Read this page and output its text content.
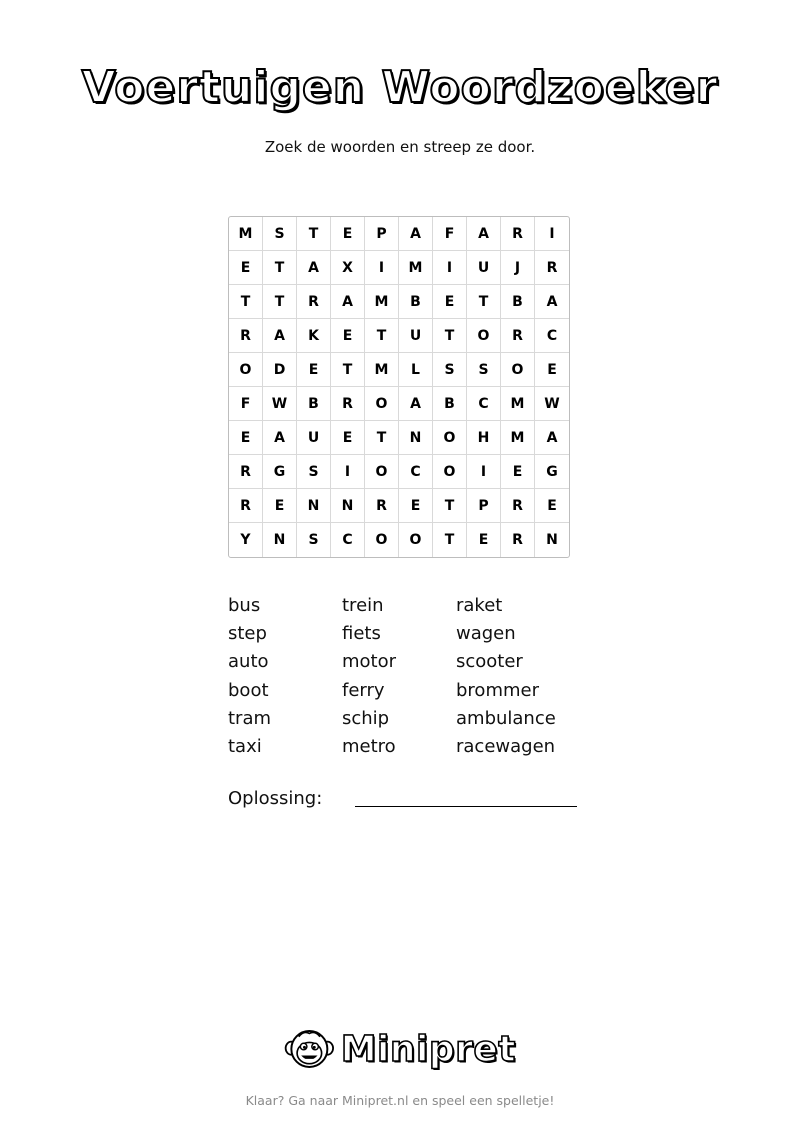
Voertuigen Woordzoeker
Zoek de woorden en streep ze door.
M	S	T	E	P	A	F	A	R	I
E	T	A	X	I	M	I	U	J	R
T	T	R	A	M	B	E	T	B	A
R	A	K	E	T	U	T	O	R	C
O	D	E	T	M	L	S	S	O	E
F	W	B	R	O	A	B	C	M	W
E	A	U	E	T	N	O	H	M	A
R	G	S	I	O	C	O	I	E	G
R	E	N	N	R	E	T	P	R	E
Y	N	S	C	O	O	T	E	R	N
bus	trein	raket
step	fiets	wagen
auto	motor	scooter
boot	ferry	brommer
tram	schip	ambulance
taxi	metro	racewagen
Oplossing:
Minipret
Klaar? Ga naar Minipret.nl en speel een spelletje!
